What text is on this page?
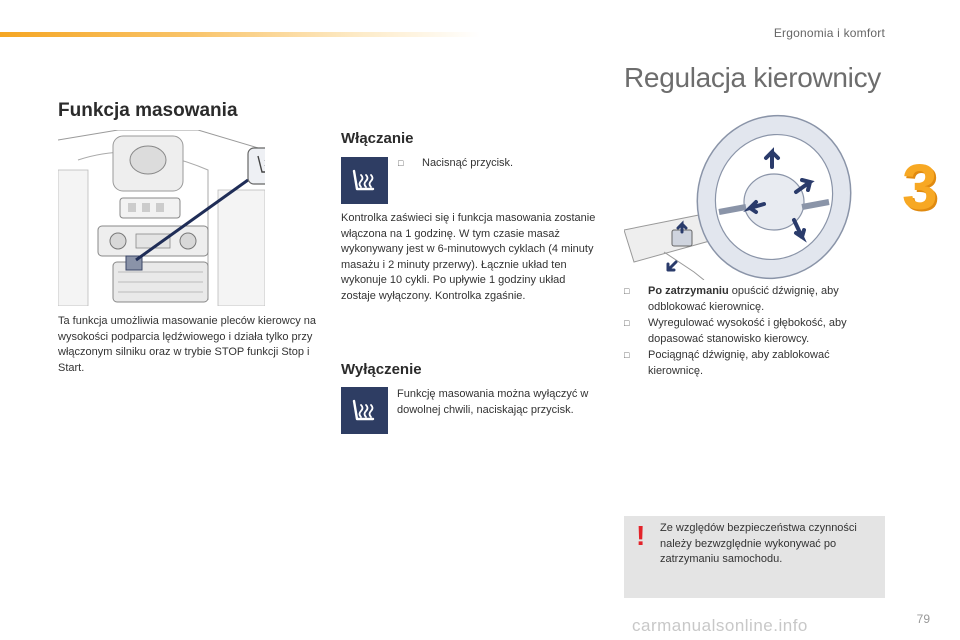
Ergonomia i komfort
3
Regulacja kierownicy
Funkcja masowania
Ta funkcja umożliwia masowanie pleców kierowcy na wysokości podparcia lędźwiowego i działa tylko przy włączonym silniku oraz w trybie STOP funkcji Stop i Start.
Włączanie
□ Nacisnąć przycisk.
Kontrolka zaświeci się i funkcja masowania zostanie włączona na 1 godzinę. W tym czasie masaż wykonywany jest w 6-minutowych cyklach (4 minuty masażu i 2 minuty przerwy). Łącznie układ ten wykonuje 10 cykli. Po upływie 1 godziny układ zostaje wyłączony. Kontrolka zgaśnie.
Wyłączenie
Funkcję masowania można wyłączyć w dowolnej chwili, naciskając przycisk.
□ Po zatrzymaniu opuścić dźwignię, aby odblokować kierownicę.
□ Wyregulować wysokość i głębokość, aby dopasować stanowisko kierowcy.
□ Pociągnąć dźwignię, aby zablokować kierownicę.
! Ze względów bezpieczeństwa czynności należy bezwzględnie wykonywać po zatrzymaniu samochodu.
79
carmanualsonline.info
